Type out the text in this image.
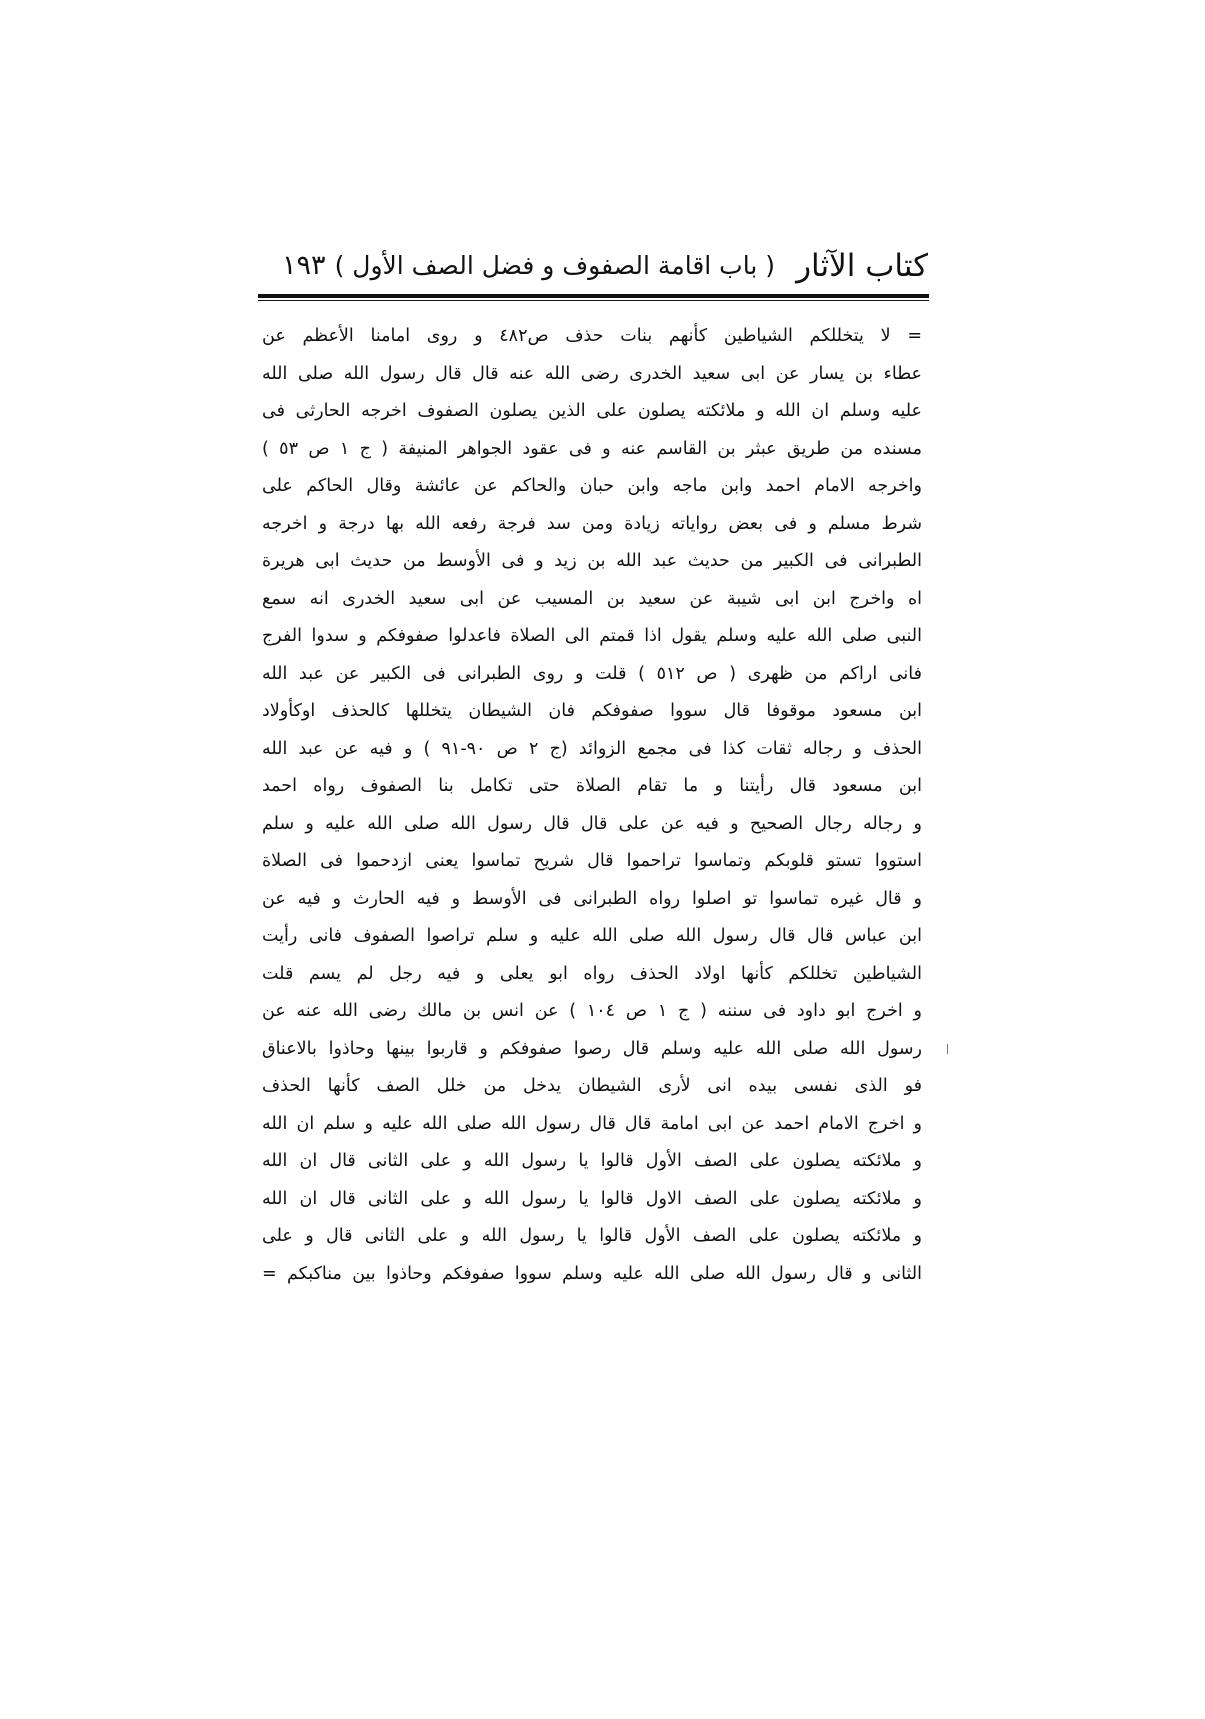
كتاب الآثار
( باب اقامة الصفوف و فضل الصف الأول )
١٩٣
= لا يتخللكم الشياطين كأنهم بنات حذف ص٤٨٢ و روى امامنا الأعظم عن
عطاء بن يسار عن ابى سعيد الخدرى رضى الله عنه قال قال رسول الله صلى الله
عليه وسلم ان الله و ملائكته يصلون على الذين يصلون الصفوف اخرجه الحارثى فى
مسنده من طريق عبثر بن القاسم عنه و فى عقود الجواهر المنيفة ( ج ١ ص ٥٣ )
واخرجه الامام احمد وابن ماجه وابن حبان والحاكم عن عائشة وقال الحاكم على
شرط مسلم و فى بعض رواياته زيادة ومن سد فرجة رفعه الله بها درجة و اخرجه
الطبرانى فى الكبير من حديث عبد الله بن زيد و فى الأوسط من حديث ابى هريرة
اه واخرج ابن ابى شيبة عن سعيد بن المسيب عن ابى سعيد الخدرى انه سمع
النبى صلى الله عليه وسلم يقول اذا قمتم الى الصلاة فاعدلوا صفوفكم و سدوا الفرج
فانى اراكم من ظهرى ( ص ٥١٢ ) قلت و روى الطبرانى فى الكبير عن عبد الله
ابن مسعود موقوفا قال سووا صفوفكم فان الشيطان يتخللها كالحذف اوكأولاد
الحذف و رجاله ثقات كذا فى مجمع الزوائد (ج ٢ ص ٩٠-٩١ ) و فيه عن عبد الله
ابن مسعود قال رأيتنا و ما تقام الصلاة حتى تكامل بنا الصفوف رواه احمد
و رجاله رجال الصحيح و فيه عن على قال قال رسول الله صلى الله عليه و سلم
استووا تستو قلوبكم وتماسوا تراحموا قال شريح تماسوا يعنى ازدحموا فى الصلاة
و قال غيره تماسوا تو اصلوا رواه الطبرانى فى الأوسط و فيه الحارث و فيه عن
ابن عباس قال قال رسول الله صلى الله عليه و سلم تراصوا الصفوف فانى رأيت
الشياطين تخللكم كأنها اولاد الحذف رواه ابو يعلى و فيه رجل لم يسم قلت
و اخرج ابو داود فى سننه ( ج ١ ص ١٠٤ ) عن انس بن مالك رضى الله عنه عن
رسول الله صلى الله عليه وسلم قال رصوا صفوفكم و قاربوا بينها وحاذوا بالاعناق
فو الذى نفسى بيده انى لأرى الشيطان يدخل من خلل الصف كأنها الحذف
و اخرج الامام احمد عن ابى امامة قال قال رسول الله صلى الله عليه و سلم ان الله
و ملائكته يصلون على الصف الأول قالوا يا رسول الله و على الثانى قال ان الله
و ملائكته يصلون على الصف الاول قالوا يا رسول الله و على الثانى قال ان الله
و ملائكته يصلون على الصف الأول قالوا يا رسول الله و على الثانى قال و على
الثانى و قال رسول الله صلى الله عليه وسلم سووا صفوفكم وحاذوا بين مناكبكم =
